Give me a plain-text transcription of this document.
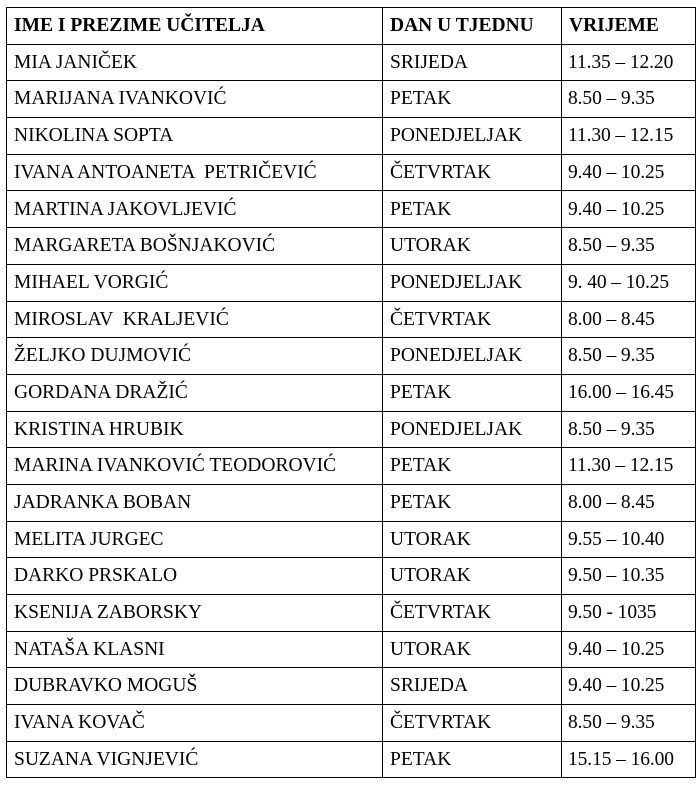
IME I PREZIME UČITELJA	DAN U TJEDNU	VRIJEME
MIA JANIČEK	SRIJEDA	11.35 – 12.20
MARIJANA IVANKOVIĆ	PETAK	8.50 – 9.35
NIKOLINA SOPTA	PONEDJELJAK	11.30 – 12.15
IVANA ANTOANETA  PETRIČEVIĆ	ČETVRTAK	9.40 – 10.25
MARTINA JAKOVLJEVIĆ	PETAK	9.40 – 10.25
MARGARETA BOŠNJAKOVIĆ	UTORAK	8.50 – 9.35
MIHAEL VORGIĆ	PONEDJELJAK	9. 40 – 10.25
MIROSLAV  KRALJEVIĆ	ČETVRTAK	8.00 – 8.45
ŽELJKO DUJMOVIĆ	PONEDJELJAK	8.50 – 9.35
GORDANA DRAŽIĆ	PETAK	16.00 – 16.45
KRISTINA HRUBIK	PONEDJELJAK	8.50 – 9.35
MARINA IVANKOVIĆ TEODOROVIĆ	PETAK	11.30 – 12.15
JADRANKA BOBAN	PETAK	8.00 – 8.45
MELITA JURGEC	UTORAK	9.55 – 10.40
DARKO PRSKALO	UTORAK	9.50 – 10.35
KSENIJA ZABORSKY	ČETVRTAK	9.50 - 1035
NATAŠA KLASNI	UTORAK	9.40 – 10.25
DUBRAVKO MOGUŠ	SRIJEDA	9.40 – 10.25
IVANA KOVAČ	ČETVRTAK	8.50 – 9.35
SUZANA VIGNJEVIĆ	PETAK	15.15 – 16.00
